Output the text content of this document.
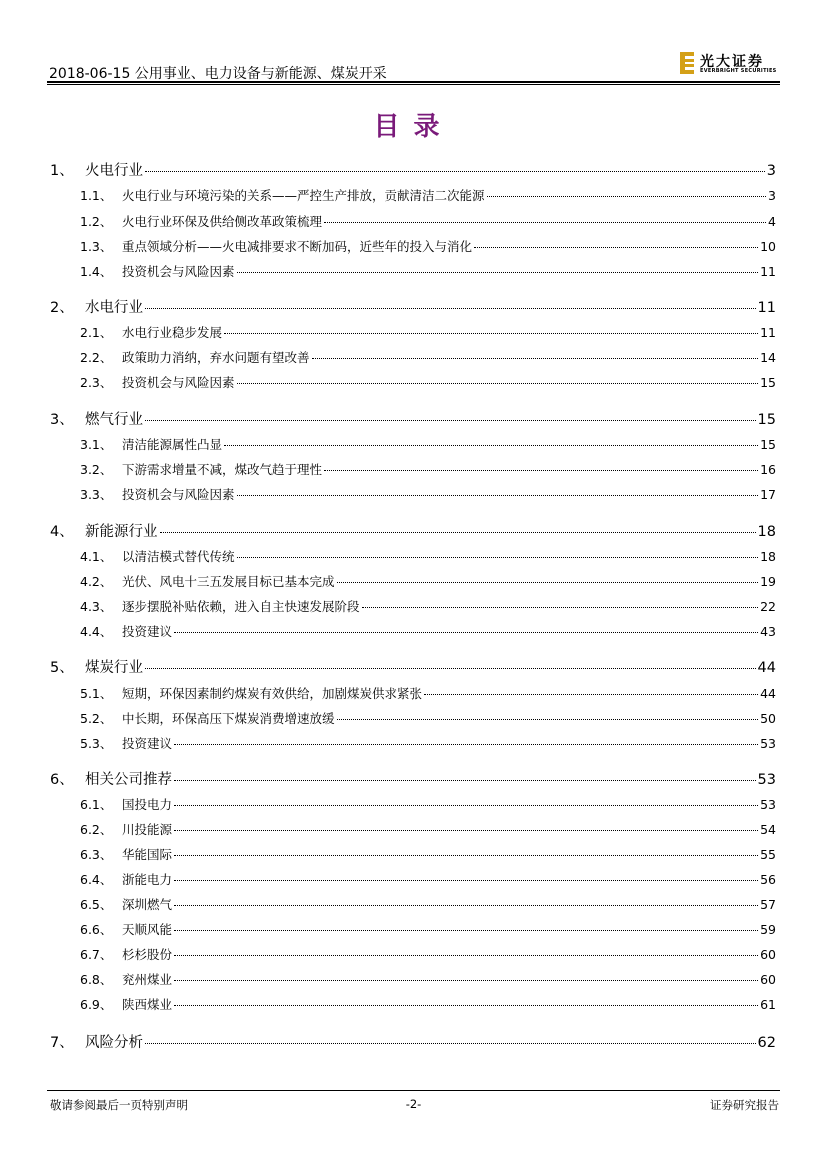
2018-06-15 公用事业、电力设备与新能源、煤炭开采
光大证券
EVERBRIGHT SECURITIES
目录
1、 火电行业	3
1.1、 火电行业与环境污染的关系——严控生产排放，贡献清洁二次能源	3
1.2、 火电行业环保及供给侧改革政策梳理	4
1.3、 重点领域分析——火电减排要求不断加码，近些年的投入与消化	10
1.4、 投资机会与风险因素	11
2、 水电行业	11
2.1、 水电行业稳步发展	11
2.2、 政策助力消纳，弃水问题有望改善	14
2.3、 投资机会与风险因素	15
3、 燃气行业	15
3.1、 清洁能源属性凸显	15
3.2、 下游需求增量不减，煤改气趋于理性	16
3.3、 投资机会与风险因素	17
4、 新能源行业	18
4.1、 以清洁模式替代传统	18
4.2、 光伏、风电十三五发展目标已基本完成	19
4.3、 逐步摆脱补贴依赖，进入自主快速发展阶段	22
4.4、 投资建议	43
5、 煤炭行业	44
5.1、 短期，环保因素制约煤炭有效供给，加剧煤炭供求紧张	44
5.2、 中长期，环保高压下煤炭消费增速放缓	50
5.3、 投资建议	53
6、 相关公司推荐	53
6.1、 国投电力	53
6.2、 川投能源	54
6.3、 华能国际	55
6.4、 浙能电力	56
6.5、 深圳燃气	57
6.6、 天顺风能	59
6.7、 杉杉股份	60
6.8、 兖州煤业	60
6.9、 陕西煤业	61
7、 风险分析	62
敬请参阅最后一页特别声明	-2-	证券研究报告
